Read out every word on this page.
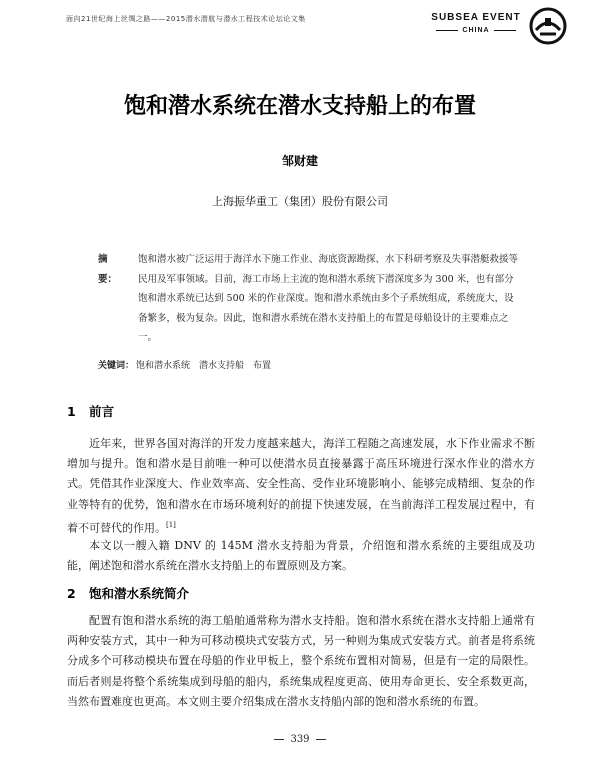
面向21世纪海上丝绸之路——2015潜水潜航与潜水工程技术论坛论文集	SUBSEA EVENT
CHINA
饱和潜水系统在潜水支持船上的布置
邹财建
上海振华重工（集团）股份有限公司
摘　要：
饱和潜水被广泛运用于海洋水下施工作业、海底资源勘探、水下科研考察及失事潜艇救援等民用及军事领域。目前，海工市场上主流的饱和潜水系统下潜深度多为 300 米，也有部分饱和潜水系统已达到 500 米的作业深度。饱和潜水系统由多个子系统组成，系统庞大，设备繁多，极为复杂。因此，饱和潜水系统在潜水支持船上的布置是母船设计的主要难点之一。
关键词： 饱和潜水系统　潜水支持船　布置
1 前言
近年来，世界各国对海洋的开发力度越来越大，海洋工程随之高速发展，水下作业需求不断增加与提升。饱和潜水是目前唯一种可以使潜水员直接暴露于高压环境进行深水作业的潜水方式。凭借其作业深度大、作业效率高、安全性高、受作业环境影响小、能够完成精细、复杂的作业等特有的优势，饱和潜水在市场环境利好的前提下快速发展，在当前海洋工程发展过程中，有着不可替代的作用。[1]
本文以一艘入籍 DNV 的 145M 潜水支持船为背景，介绍饱和潜水系统的主要组成及功能，阐述饱和潜水系统在潜水支持船上的布置原则及方案。
2 饱和潜水系统简介
配置有饱和潜水系统的海工船舶通常称为潜水支持船。饱和潜水系统在潜水支持船上通常有两种安装方式，其中一种为可移动模块式安装方式，另一种则为集成式安装方式。前者是将系统分成多个可移动模块布置在母船的作业甲板上，整个系统布置相对简易，但是有一定的局限性。而后者则是将整个系统集成到母船的船内，系统集成程度更高、使用寿命更长、安全系数更高，当然布置难度也更高。本文则主要介绍集成在潜水支持船内部的饱和潜水系统的布置。
339
